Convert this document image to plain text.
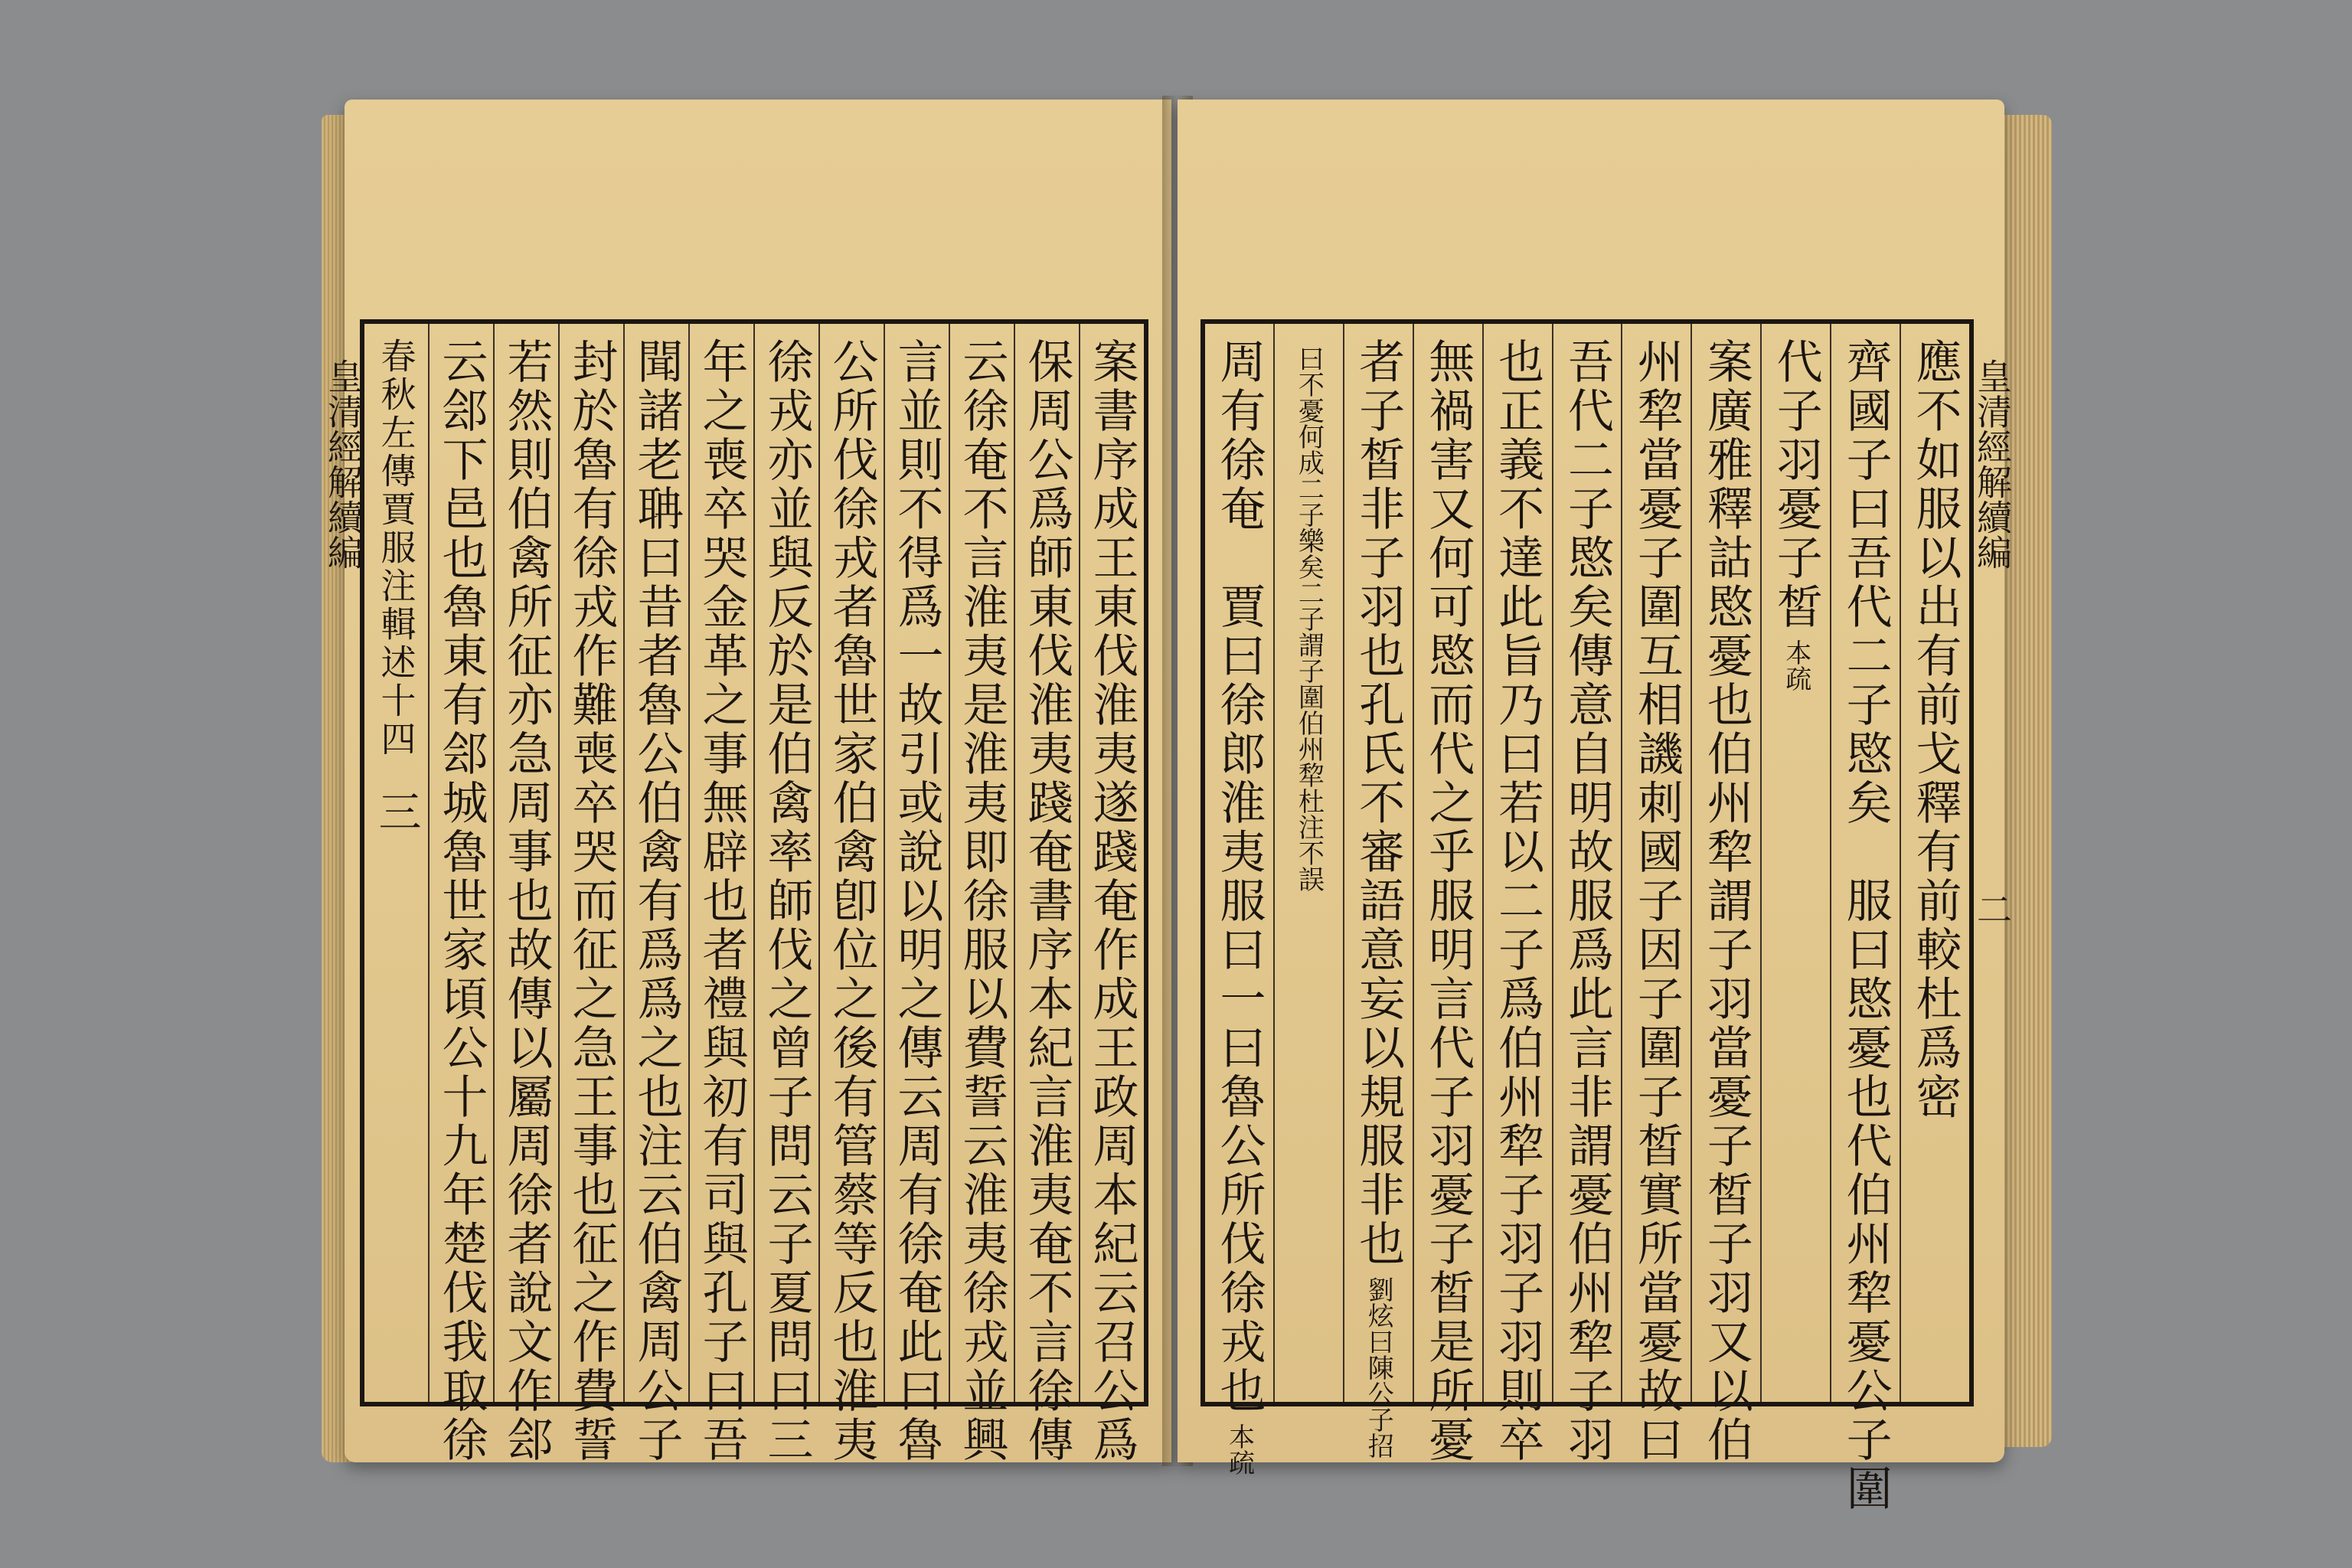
皇清經解續編	案書序成王東伐淮夷遂踐奄作成王政周本紀云召公爲
保周公爲師東伐淮夷踐奄書序本紀言淮夷奄不言徐傳
云徐奄不言淮夷是淮夷即徐服以費誓云淮夷徐戎並興
言並則不得爲一故引或說以明之傳云周有徐奄此曰魯
公所伐徐戎者魯世家伯禽卽位之後有管蔡等反也淮夷
徐戎亦並與反於是伯禽率師伐之曾子問云子夏問曰三
年之喪卒哭金革之事無辟也者禮與初有司與孔子曰吾
聞諸老聃曰昔者魯公伯禽有爲爲之也注云伯禽周公子
封於魯有徐戎作難喪卒哭而征之急王事也征之作費誓
若然則伯禽所征亦急周事也故傳以屬周徐者說文作郐
云郐下邑也魯東有郐城魯世家頃公十九年楚伐我取徐
春秋左傳賈服注輯述十四
三
皇清經解續編
二
應不如服以出有前戈釋有前較杜爲密
齊國子曰吾代二子愍矣　服曰愍憂也代伯州犂憂公子圍
代子羽憂子皙
本疏
案廣雅釋詁愍憂也伯州犂謂子羽當憂子皙子羽又以伯
州犂當憂子圍互相譏刺國子因子圍子皙實所當憂故曰
吾代二子愍矣傳意自明故服爲此言非謂憂伯州犂子羽
也正義不達此旨乃曰若以二子爲伯州犂子羽子羽則卒
無禍害又何可愍而代之乎服明言代子羽憂子皙是所憂
者子皙非子羽也孔氏不審語意妄以規服非也
劉炫曰陳公子招
曰不憂何成二子樂矣二子謂子圍伯州犂杜注不誤
周有徐奄　賈曰徐郎淮夷服曰一曰魯公所伐徐戎也
本疏
